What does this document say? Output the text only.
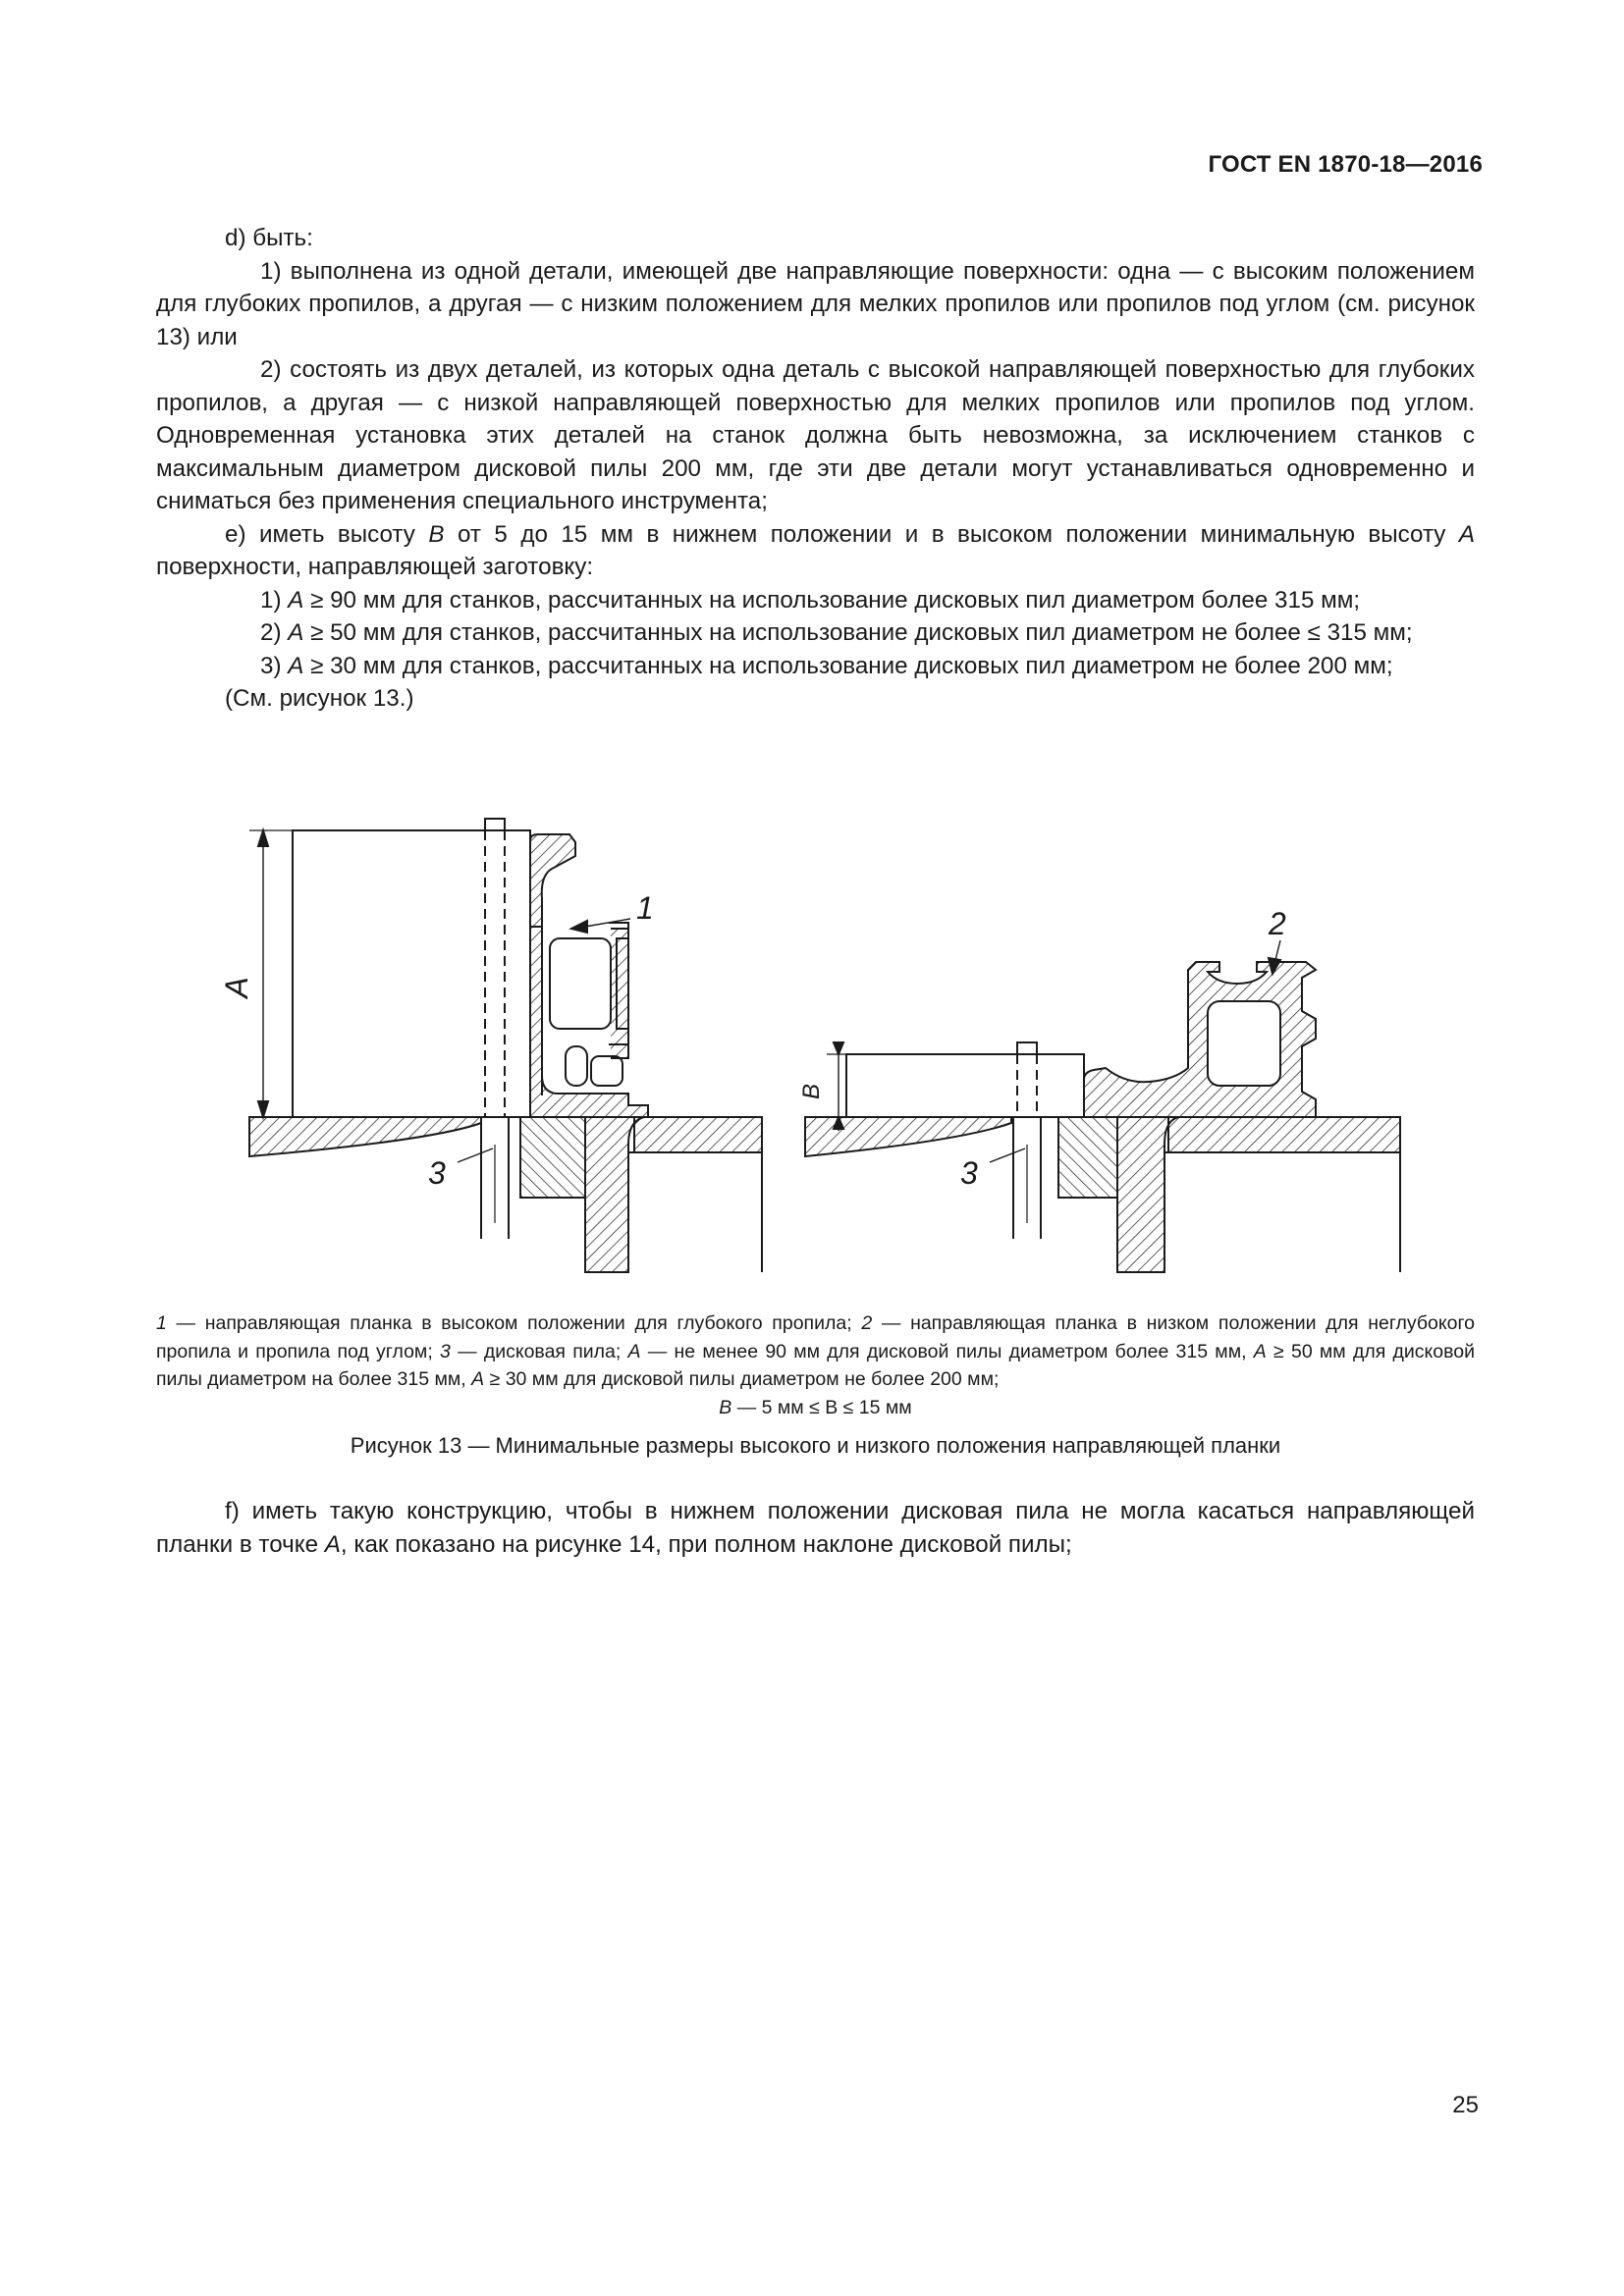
ГОСТ EN 1870-18—2016

d) быть:

1) выполнена из одной детали, имеющей две направляющие поверхности: одна — с высоким положением для глубоких пропилов, а другая — с низким положением для мелких пропилов или пропилов под углом (см. рисунок 13) или

2) состоять из двух деталей, из которых одна деталь с высокой направляющей поверхностью для глубоких пропилов, а другая — с низкой направляющей поверхностью для мелких пропилов или пропилов под углом. Одновременная установка этих деталей на станок должна быть невозможна, за исключением станков с максимальным диаметром дисковой пилы 200 мм, где эти две детали могут устанавливаться одновременно и сниматься без применения специального инструмента;

e) иметь высоту B от 5 до 15 мм в нижнем положении и в высоком положении минимальную высоту A поверхности, направляющей заготовку:

1) A ≥ 90 мм для станков, рассчитанных на использование дисковых пил диаметром более 315 мм;

2) A ≥ 50 мм для станков, рассчитанных на использование дисковых пил диаметром не более ≤ 315 мм;

3) A ≥ 30 мм для станков, рассчитанных на использование дисковых пил диаметром не более 200 мм;

(См. рисунок 13.)

A
1
3
B
2
3

1 — направляющая планка в высоком положении для глубокого пропила; 2 — направляющая планка в низком положении для неглубокого пропила и пропила под углом; 3 — дисковая пила; A — не менее 90 мм для дисковой пилы диаметром более 315 мм, A ≥ 50 мм для дисковой пилы диаметром на более 315 мм, A ≥ 30 мм для дисковой пилы диаметром не более 200 мм;

B — 5 мм ≤ B ≤ 15 мм

Рисунок 13 — Минимальные размеры высокого и низкого положения направляющей планки

f) иметь такую конструкцию, чтобы в нижнем положении дисковая пила не могла касаться направляющей планки в точке A, как показано на рисунке 14, при полном наклоне дисковой пилы;

25
